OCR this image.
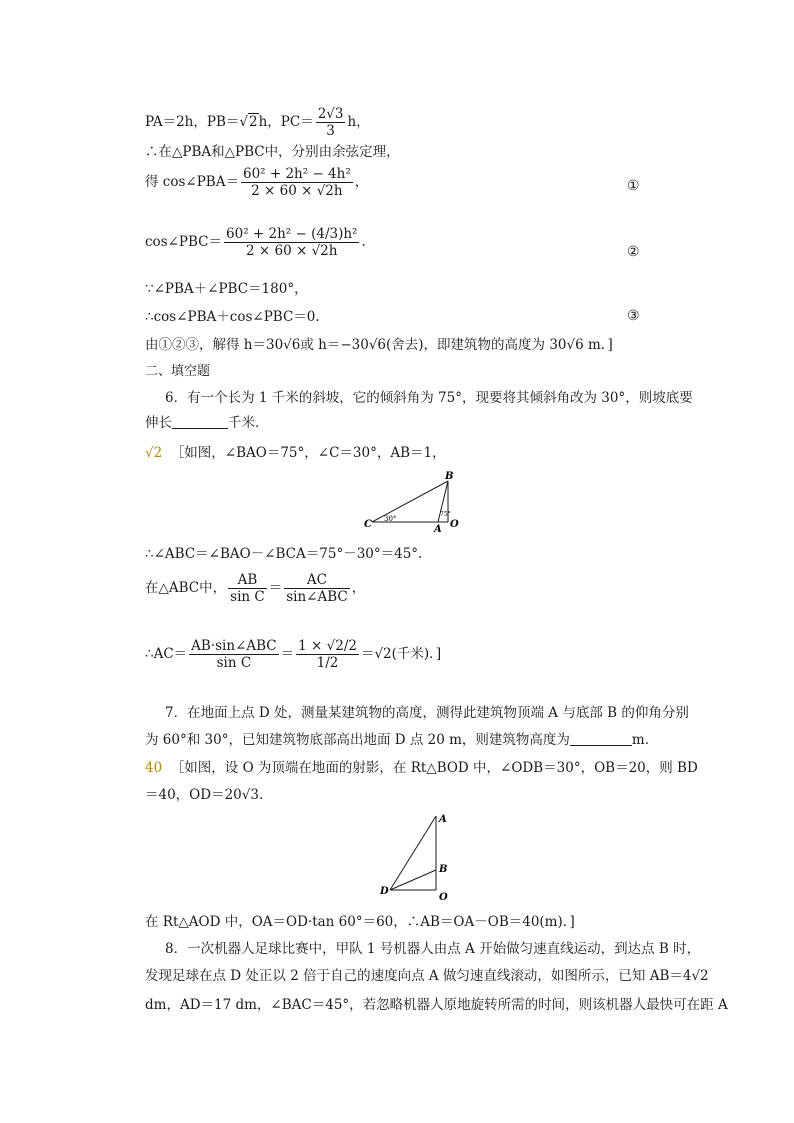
PA＝2h，PB＝√2h，$PC= \frac{2√3}{3}$ h，
∴在△PBA和△PBC中，分别由余弦定理，
得 cos∠PBA＝ $\frac{\text{60² + 2h² − 4h²}}{2 \times 60 \times √2h}$ ，	①
cos∠PBC＝ $\frac{\text{60² + 2h² − (4/3)h²}}{2 \times 60 \times √2h}$ .
②
∵∠PBA＋∠PBC＝180°，
∴cos∠PBA＋cos∠PBC＝0.	③
由①②③，解得 h＝30√6或 h＝−30√6(舍去)，即建筑物的高度为 30√6 m．]
二、填空题
6．有一个长为 1 千米的斜坡，它的倾斜角为 75°，现要将其倾斜角改为 30°，则坡底要
伸长	千米．
√2 ［如图，∠BAO＝75°，∠C＝30°，AB＝1，
B
C	A O
30°
75°
∴∠ABC＝∠BAO－∠BCA＝75°－30°＝45°.
在△ABC中， $\frac{AB}{\text{sin C}} = \frac{AC}{\text{sin∠ABC}}$ ，
∴AC＝ $\frac{\text{AB·sin∠ABC}}{\text{sin C}} = \frac{1 \times √2/2}{1/2} =√2$(千米)．]
7．在地面上点 D 处，测量某建筑物的高度，测得此建筑物顶端 A 与底部 B 的仰角分别
为 60°和 30°，已知建筑物底部高出地面 D 点 20 m，则建筑物高度为	m．
40 ［如图，设 O 为顶端在地面的射影，在 Rt△BOD 中，∠ODB＝30°，OB＝20，则 BD
＝40，OD＝20√3.
A
B
D
O
在 Rt△AOD 中，OA＝OD·tan 60°＝60，∴AB＝OA－OB＝40(m)．]
8．一次机器人足球比赛中，甲队 1 号机器人由点 A 开始做匀速直线运动，到达点 B 时，
发现足球在点 D 处正以 2 倍于自己的速度向点 A 做匀速直线滚动，如图所示，已知 AB＝4√2
dm，AD＝17 dm，∠BAC＝45°，若忽略机器人原地旋转所需的时间，则该机器人最快可在距 A
